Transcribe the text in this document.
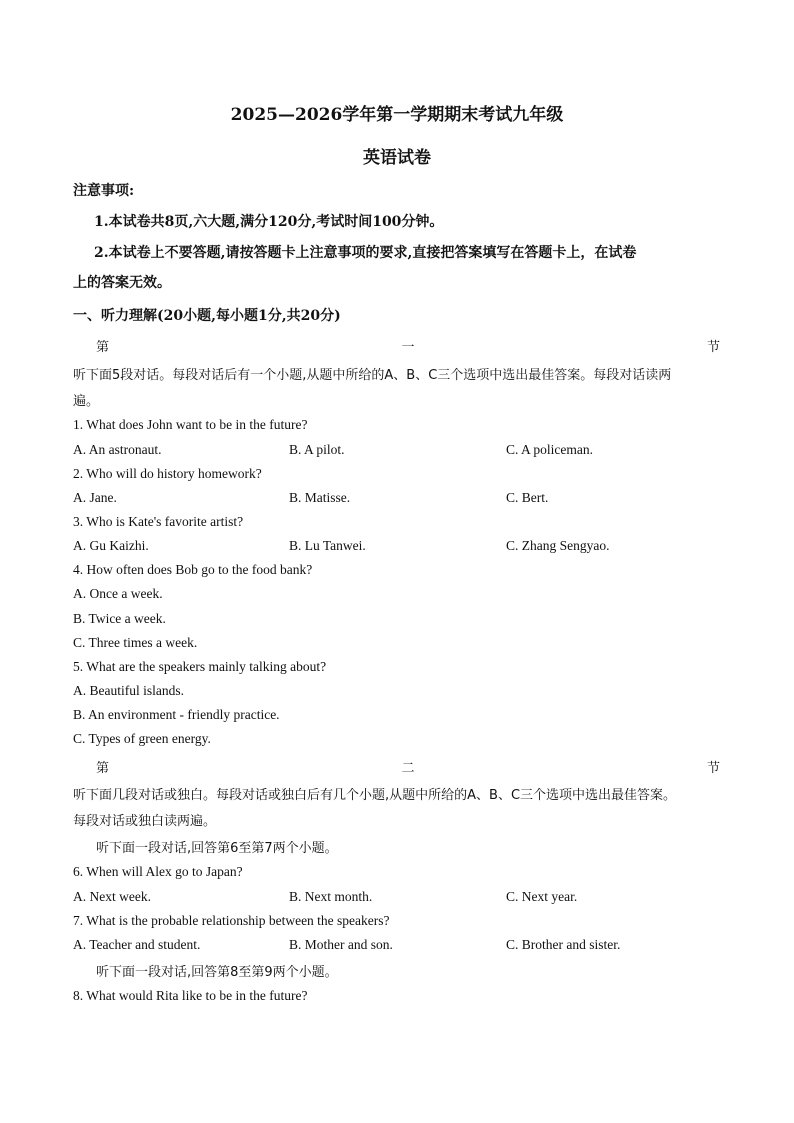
2025—2026学年第一学期期末考试九年级
英语试卷
注意事项:
1.本试卷共8页,六大题,满分120分,考试时间100分钟。
2.本试卷上不要答题,请按答题卡上注意事项的要求,直接把答案填写在答题卡上，在试卷
上的答案无效。
一、听力理解(20小题,每小题1分,共20分)
第	一	节
听下面5段对话。每段对话后有一个小题,从题中所给的A、B、C三个选项中选出最佳答案。每段对话读两
遍。
1. What does John want to be in the future?
A. An astronaut.	B. A pilot.	C. A policeman.
2. Who will do history homework?
A. Jane.	B. Matisse.	C. Bert.
3. Who is Kate's favorite artist?
A. Gu Kaizhi.	B. Lu Tanwei.	C. Zhang Sengyao.
4. How often does Bob go to the food bank?
A. Once a week.
B. Twice a week.
C. Three times a week.
5. What are the speakers mainly talking about?
A. Beautiful islands.
B. An environment - friendly practice.
C. Types of green energy.
第	二	节
听下面几段对话或独白。每段对话或独白后有几个小题,从题中所给的A、B、C三个选项中选出最佳答案。
每段对话或独白读两遍。
听下面一段对话,回答第6至第7两个小题。
6. When will Alex go to Japan?
A. Next week.	B. Next month.	C. Next year.
7. What is the probable relationship between the speakers?
A. Teacher and student.	B. Mother and son.	C. Brother and sister.
听下面一段对话,回答第8至第9两个小题。
8. What would Rita like to be in the future?
